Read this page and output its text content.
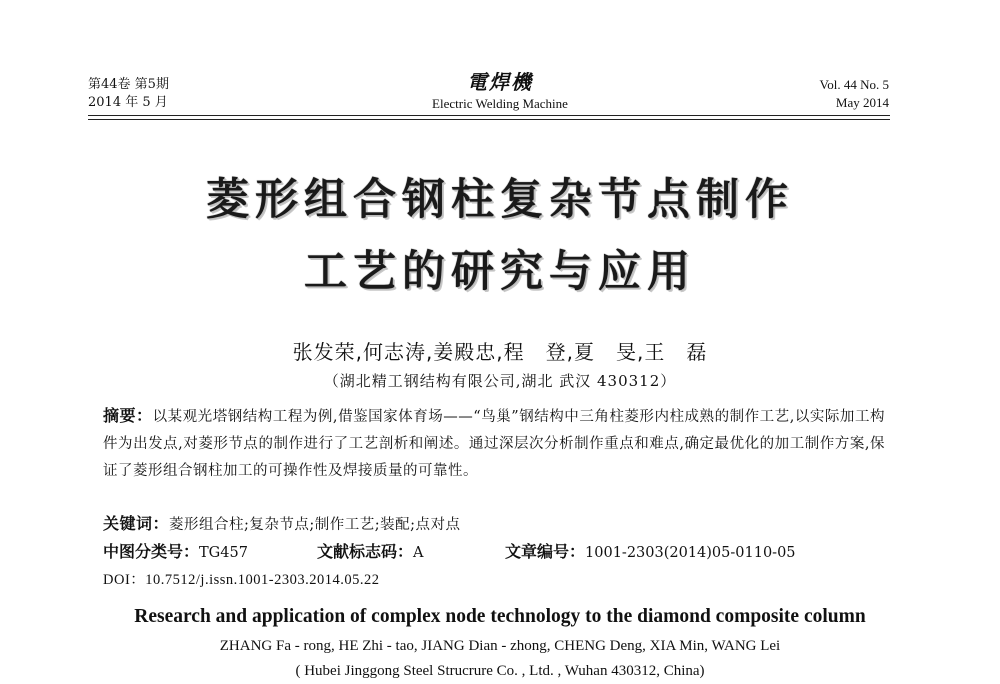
第44卷 第5期
2014 年 5 月
電焊機
Electric Welding Machine
Vol. 44 No. 5
May 2014
菱形组合钢柱复杂节点制作
工艺的研究与应用
张发荣,何志涛,姜殿忠,程　登,夏　旻,王　磊
（湖北精工钢结构有限公司,湖北 武汉 430312）
摘要：以某观光塔钢结构工程为例,借鉴国家体育场——“鸟巢”钢结构中三角柱菱形内柱成熟的制作工艺,以实际加工构件为出发点,对菱形节点的制作进行了工艺剖析和阐述。通过深层次分析制作重点和难点,确定最优化的加工制作方案,保证了菱形组合钢柱加工的可操作性及焊接质量的可靠性。
关键词：菱形组合柱;复杂节点;制作工艺;装配;点对点
中图分类号：TG457	文献标志码：A	文章编号：1001-2303(2014)05-0110-05
DOI：10.7512/j.issn.1001-2303.2014.05.22
Research and application of complex node technology to the diamond composite column
ZHANG Fa - rong, HE Zhi - tao, JIANG Dian - zhong, CHENG Deng, XIA Min, WANG Lei
( Hubei Jinggong Steel Strucrure Co. , Ltd. , Wuhan 430312, China)
